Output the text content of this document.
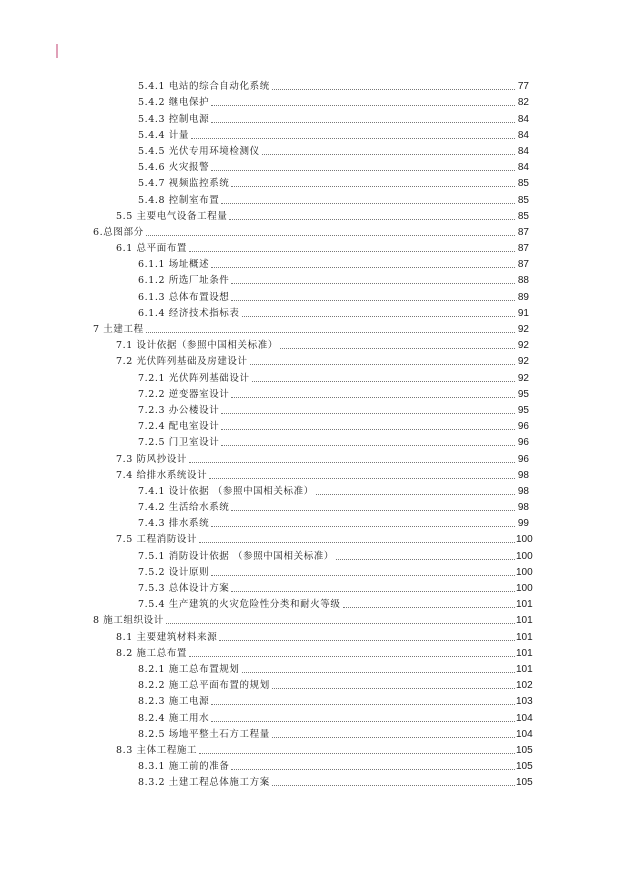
5.4.1 电站的综合自动化系统	77
5.4.2 继电保护	82
5.4.3 控制电源	84
5.4.4 计量	84
5.4.5 光伏专用环境检测仪	84
5.4.6 火灾报警	84
5.4.7 视频监控系统	85
5.4.8 控制室布置	85
5.5 主要电气设备工程量	85
6.总图部分	87
6.1 总平面布置	87
6.1.1 场址概述	87
6.1.2 所选厂址条件	88
6.1.3 总体布置设想	89
6.1.4 经济技术指标表	91
7 土建工程	92
7.1 设计依据（参照中国相关标准）	92
7.2 光伏阵列基础及房建设计	92
7.2.1 光伏阵列基础设计	92
7.2.2 逆变器室设计	95
7.2.3 办公楼设计	95
7.2.4 配电室设计	96
7.2.5 门卫室设计	96
7.3 防风抄设计	96
7.4 给排水系统设计	98
7.4.1 设计依据 （参照中国相关标准）	98
7.4.2 生活给水系统	98
7.4.3 排水系统	99
7.5 工程消防设计	100
7.5.1 消防设计依据 （参照中国相关标准）	100
7.5.2 设计原则	100
7.5.3 总体设计方案	100
7.5.4 生产建筑的火灾危险性分类和耐火等级	101
8 施工组织设计	101
8.1 主要建筑材料来源	101
8.2 施工总布置	101
8.2.1 施工总布置规划	101
8.2.2 施工总平面布置的规划	102
8.2.3 施工电源	103
8.2.4 施工用水	104
8.2.5 场地平整土石方工程量	104
8.3 主体工程施工	105
8.3.1 施工前的准备	105
8.3.2 土建工程总体施工方案	105
